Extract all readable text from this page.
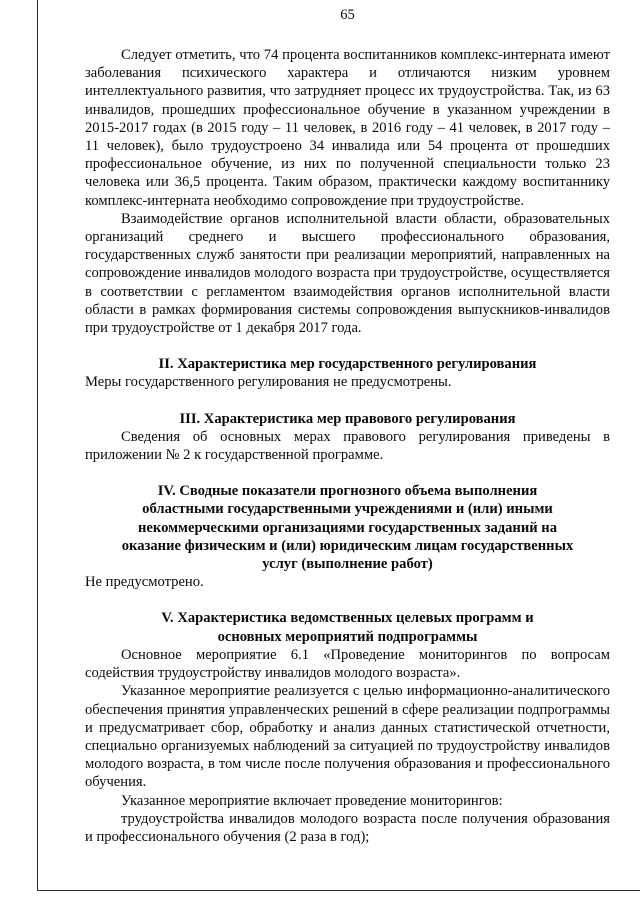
65

Следует отметить, что 74 процента воспитанников комплекс-интерната имеют заболевания психического характера и отличаются низким уровнем интеллектуального развития, что затрудняет процесс их трудоустройства. Так, из 63 инвалидов, прошедших профессиональное обучение в указанном учреждении в 2015-2017 годах (в 2015 году – 11 человек, в 2016 году – 41 человек, в 2017 году – 11 человек), было трудоустроено 34 инвалида или 54 процента от прошедших профессиональное обучение, из них по полученной специальности только 23 человека или 36,5 процента. Таким образом, практически каждому воспитаннику комплекс-интерната необходимо сопровождение при трудоустройстве.

Взаимодействие органов исполнительной власти области, образовательных организаций среднего и высшего профессионального образования, государственных служб занятости при реализации мероприятий, направленных на сопровождение инвалидов молодого возраста при трудоустройстве, осуществляется в соответствии с регламентом взаимодействия органов исполнительной власти области в рамках формирования системы сопровождения выпускников-инвалидов при трудоустройстве от 1 декабря 2017 года.

II. Характеристика мер государственного регулирования

Меры государственного регулирования не предусмотрены.

III. Характеристика мер правового регулирования

Сведения об основных мерах правового регулирования приведены в приложении № 2 к государственной программе.

IV. Сводные показатели прогнозного объема выполнения областными государственными учреждениями и (или) иными некоммерческими организациями государственных заданий на оказание физическим и (или) юридическим лицам государственных услуг (выполнение работ)

Не предусмотрено.

V. Характеристика ведомственных целевых программ и основных мероприятий подпрограммы

Основное мероприятие 6.1 «Проведение мониторингов по вопросам содействия трудоустройству инвалидов молодого возраста».

Указанное мероприятие реализуется с целью информационно-аналитического обеспечения принятия управленческих решений в сфере реализации подпрограммы и предусматривает сбор, обработку и анализ данных статистической отчетности, специально организуемых наблюдений за ситуацией по трудоустройству инвалидов молодого возраста, в том числе после получения образования и профессионального обучения.

Указанное мероприятие включает проведение мониторингов:

трудоустройства инвалидов молодого возраста после получения образования и профессионального обучения (2 раза в год);
